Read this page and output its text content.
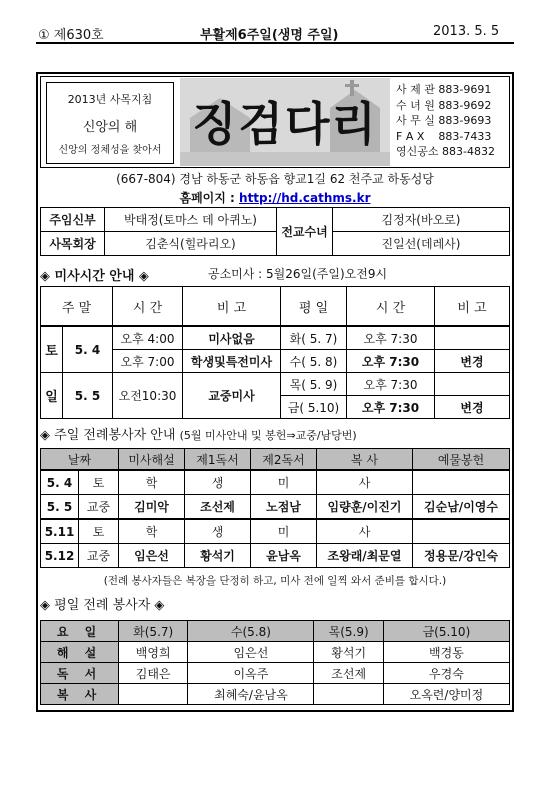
① 제630호	부활제6주일(생명 주일)	2013. 5. 5
2013년 사목지침
신앙의 해
신앙의 정체성을 찾아서 징검다리
사 제 관 883-9691
수 녀 원 883-9692
사 무 실 883-9693
F A X 883-7433
영신공소 883-4832
(667-804) 경남 하동군 하동읍 향교1길 62 천주교 하동성당
홈페이지 : http://hd.cathms.kr
주임신부	박태정(토마스 데 아퀴노)	전교수녀	김정자(바오로)
사목회장	김춘식(힐라리오)		진일선(데레사)
◈ 미사시간 안내 ◈	공소미사 : 5월26일(주일)오전9시
주 말		시 간	비 고	평 일	시 간	비 고
토	5. 4	오후 4:00	미사없음	화( 5. 7)	오후 7:30	
		오후 7:00	학생및특전미사	수( 5. 8)	오후 7:30	변경
일	5. 5	오전10:30	교중미사	목( 5. 9)	오후 7:30	
				금( 5.10)	오후 7:30	변경
◈ 주일 전례봉사자 안내 (5월 미사안내 및 봉헌⇒교중/남당번)
날짜		미사해설	제1독서	제2독서	복 사	예물봉헌
5. 4	토	학	생	미	사	
5. 5	교중	김미악	조선제	노점남	임량훈/이진기	김순남/이영수
5.11	토	학	생	미	사	
5.12	교중	임은선	황석기	윤남옥	조왕래/최문열	정용문/강인숙
(전례 봉사자들은 복장을 단정히 하고, 미사 전에 일찍 와서 준비를 합시다.)
◈ 평일 전례 봉사자 ◈
요 일	화(5.7)	수(5.8)	목(5.9)	금(5.10)
해 설	백영희	임은선	황석기	백경동
독 서	김태은	이옥주	조선제	우경숙
복 사		최혜숙/윤남옥		오옥련/양미정
